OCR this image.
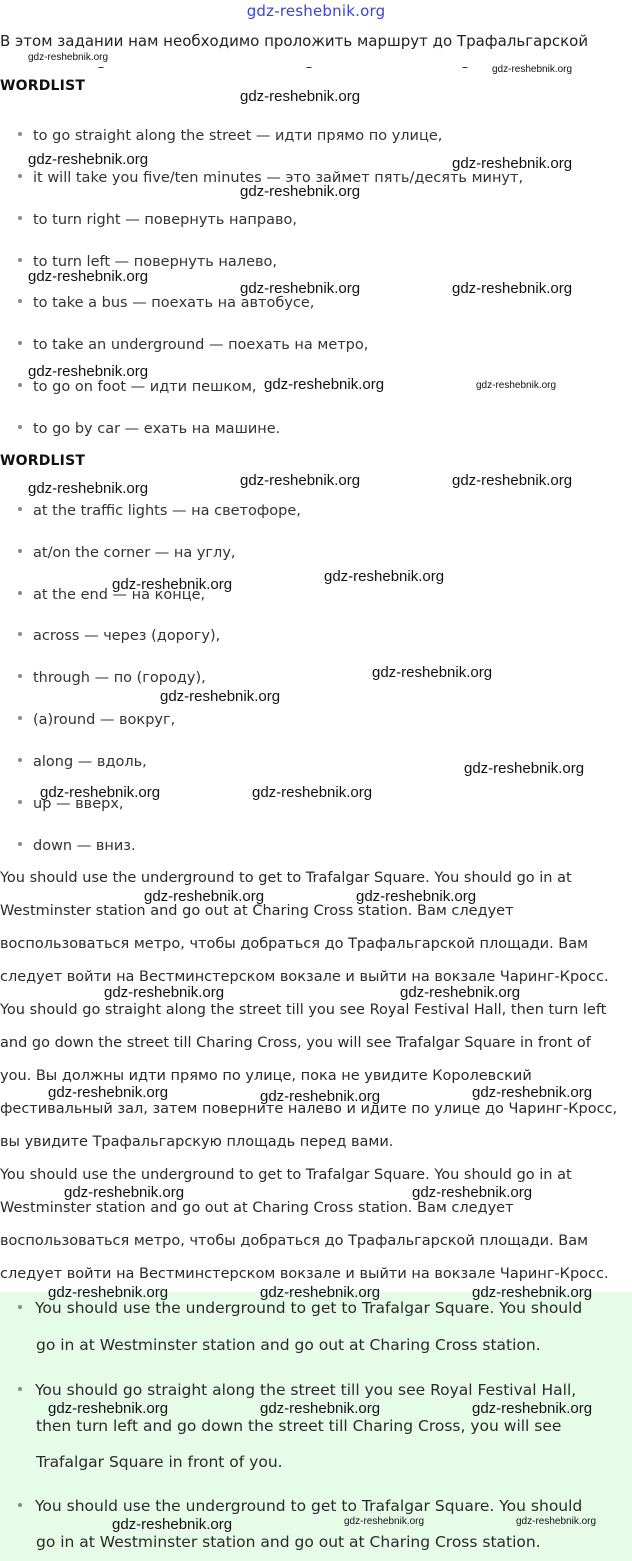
gdz-reshebnik.org
В этом задании нам необходимо проложить маршрут до Трафальгарской
WORDLIST
to go straight along the street — идти прямо по улице,
it will take you five/ten minutes — это займет пять/десять минут,
to turn right — повернуть направо,
to turn left — повернуть налево,
to take a bus — поехать на автобусе,
to take an underground — поехать на метро,
to go on foot — идти пешком,
to go by car — ехать на машине.
WORDLIST
at the traffic lights — на светофоре,
at/on the corner — на углу,
at the end — на конце,
across — через (дорогу),
through — по (городу),
(a)round — вокруг,
along — вдоль,
up — вверх,
down — вниз.
You should use the underground to get to Trafalgar Square. You should go in at
Westminster station and go out at Charing Cross station. Вам следует
воспользоваться метро, чтобы добраться до Трафальгарской площади. Вам
следует войти на Вестминстерском вокзале и выйти на вокзале Чаринг-Кросс.
You should go straight along the street till you see Royal Festival Hall, then turn left
and go down the street till Charing Cross, you will see Trafalgar Square in front of
you. Вы должны идти прямо по улице, пока не увидите Королевский
фестивальный зал, затем поверните налево и идите по улице до Чаринг-Кросс,
вы увидите Трафальгарскую площадь перед вами.
You should use the underground to get to Trafalgar Square. You should go in at
Westminster station and go out at Charing Cross station. Вам следует
воспользоваться метро, чтобы добраться до Трафальгарской площади. Вам
следует войти на Вестминстерском вокзале и выйти на вокзале Чаринг-Кросс.
You should use the underground to get to Trafalgar Square. You should
go in at Westminster station and go out at Charing Cross station.
You should go straight along the street till you see Royal Festival Hall,
then turn left and go down the street till Charing Cross, you will see
Trafalgar Square in front of you.
You should use the underground to get to Trafalgar Square. You should
go in at Westminster station and go out at Charing Cross station.
gdz-reshebnik.org
–	–	– gdz-reshebnik.org
gdz-reshebnik.org
gdz-reshebnik.org	gdz-reshebnik.org
gdz-reshebnik.org
gdz-reshebnik.org
gdz-reshebnik.org	gdz-reshebnik.org
gdz-reshebnik.org
gdz-reshebnik.org	gdz-reshebnik.org
gdz-reshebnik.org	gdz-reshebnik.org
gdz-reshebnik.org
gdz-reshebnik.org
gdz-reshebnik.org
gdz-reshebnik.org
gdz-reshebnik.org
gdz-reshebnik.org
gdz-reshebnik.org	gdz-reshebnik.org
gdz-reshebnik.org	gdz-reshebnik.org
gdz-reshebnik.org	gdz-reshebnik.org
gdz-reshebnik.org	gdz-reshebnik.org
gdz-reshebnik.org
gdz-reshebnik.org	gdz-reshebnik.org
gdz-reshebnik.org	gdz-reshebnik.org	gdz-reshebnik.org
gdz-reshebnik.org	gdz-reshebnik.org	gdz-reshebnik.org
gdz-reshebnik.org	gdz-reshebnik.org	gdz-reshebnik.org
